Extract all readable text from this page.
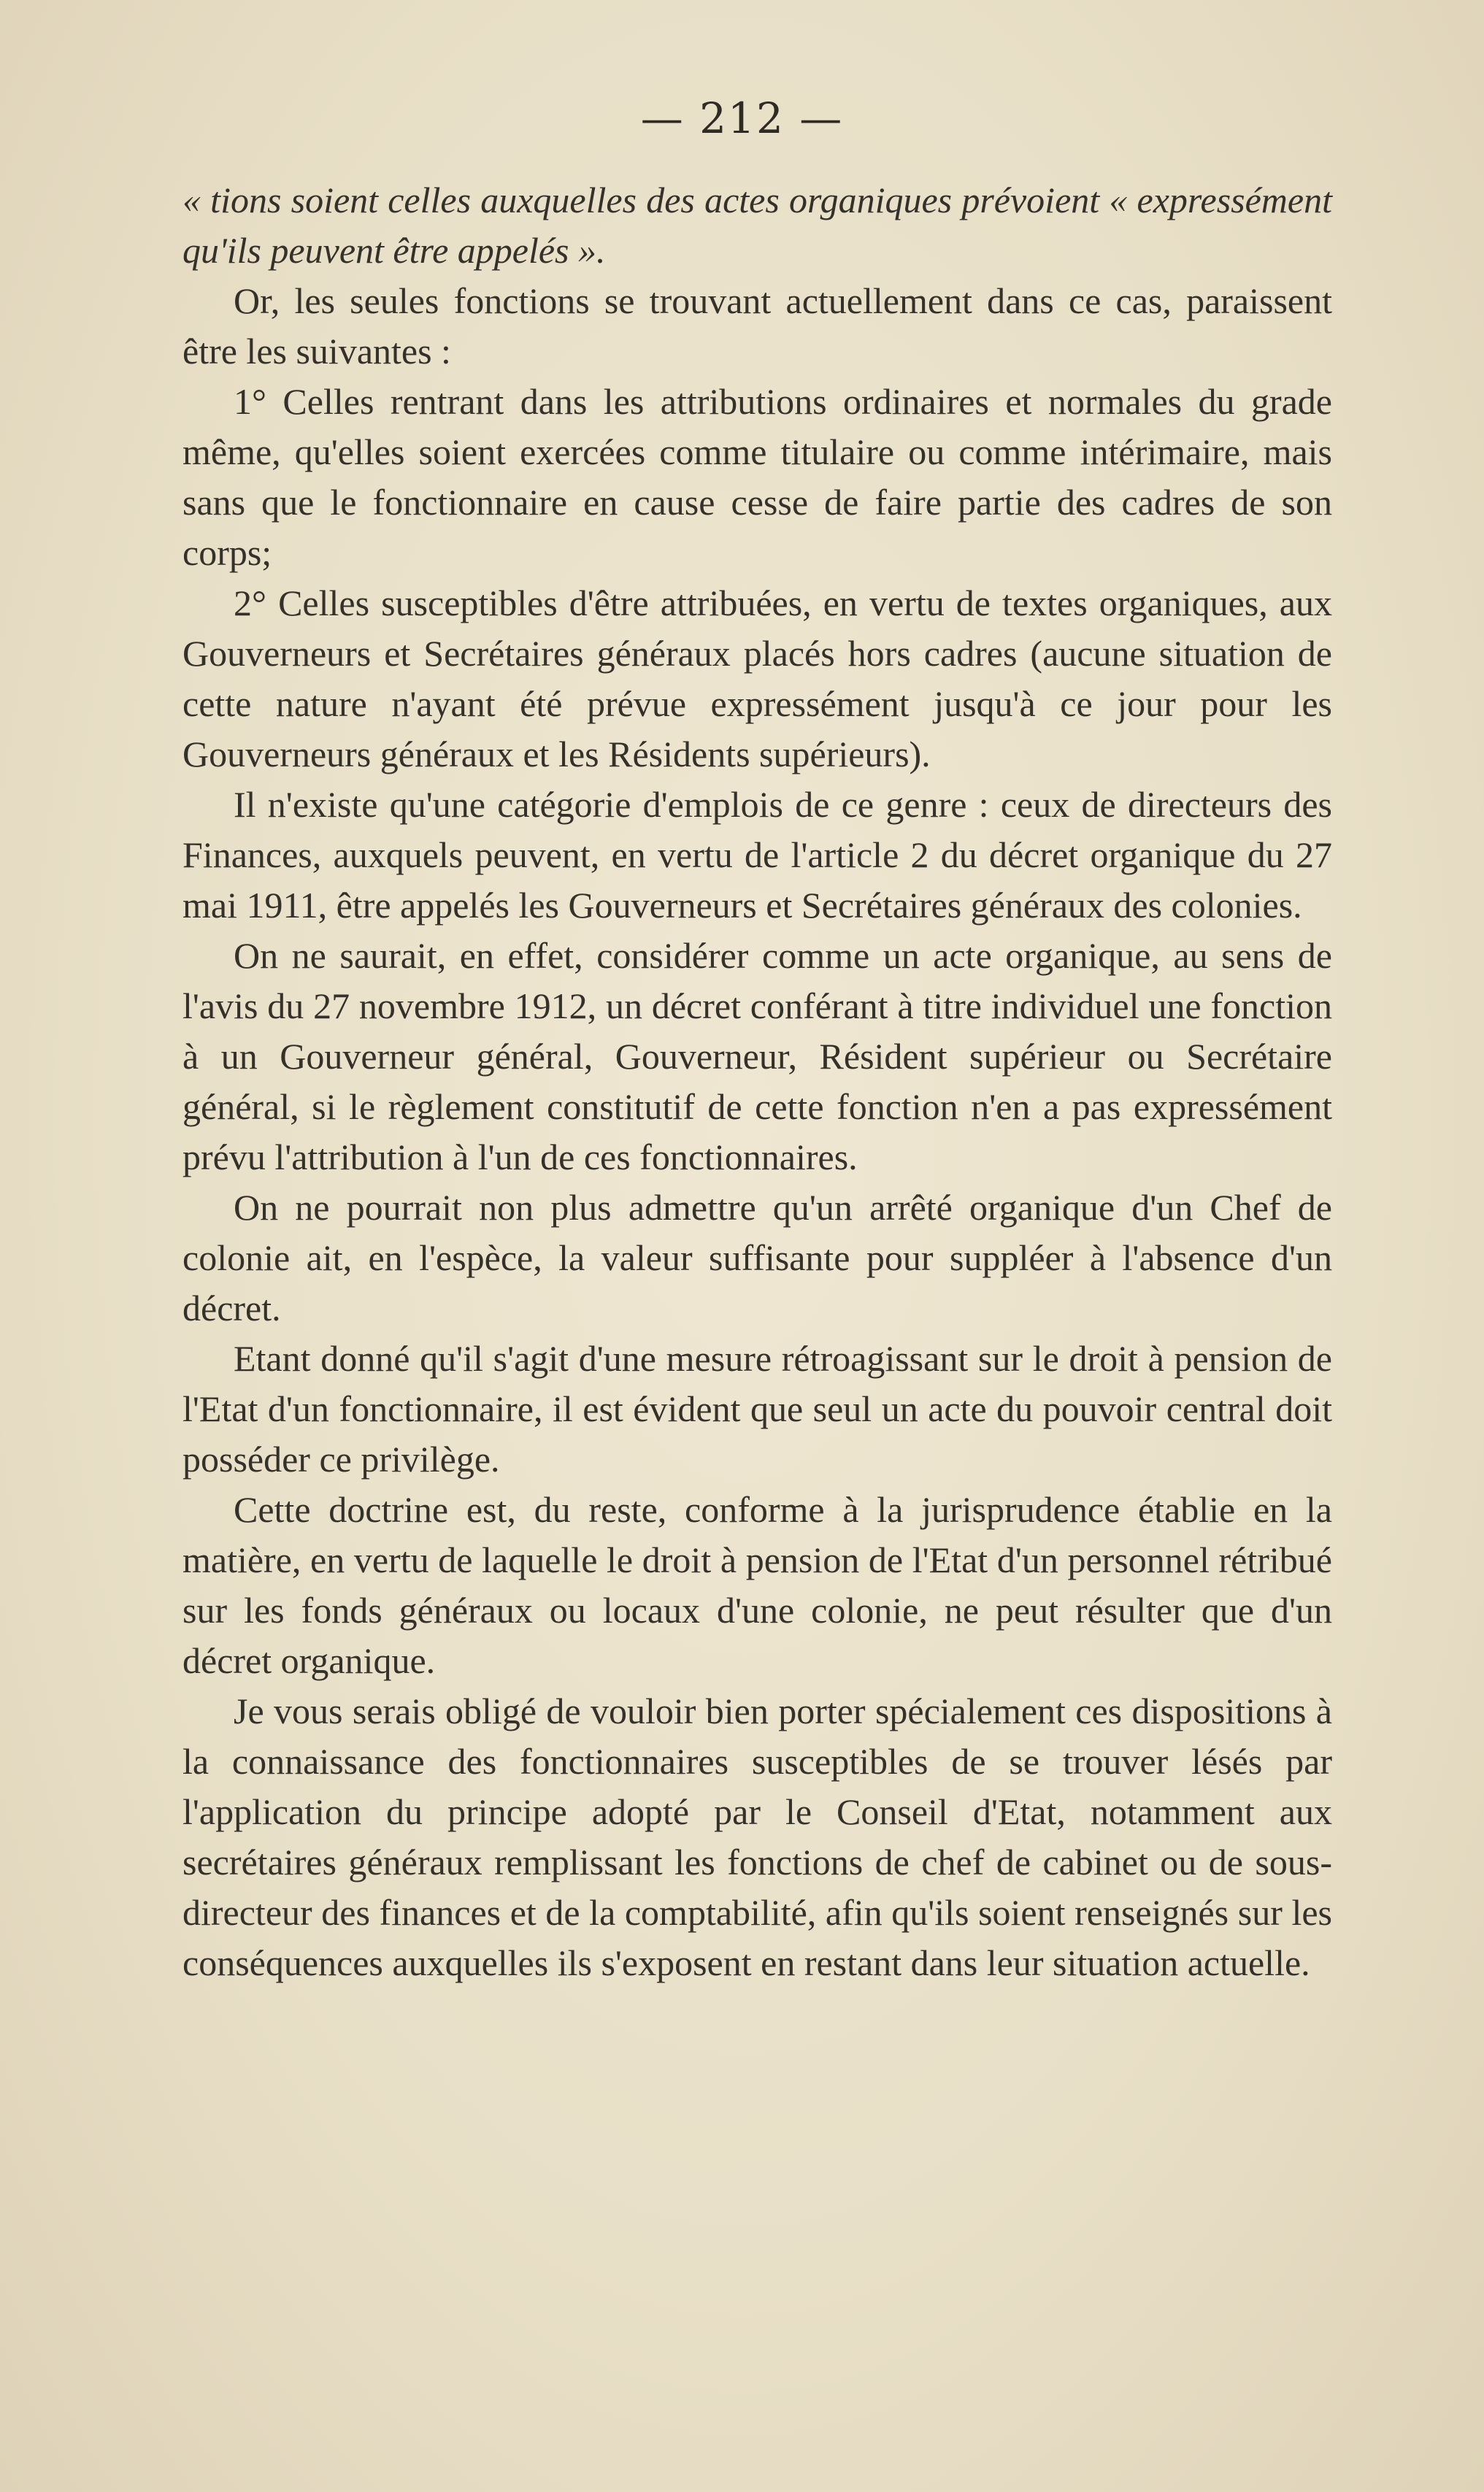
— 212 —

« tions soient celles auxquelles des actes organiques prévoient « expressément qu'ils peuvent être appelés ».

Or, les seules fonctions se trouvant actuellement dans ce cas, paraissent être les suivantes :

1° Celles rentrant dans les attributions ordinaires et normales du grade même, qu'elles soient exercées comme titulaire ou comme intérimaire, mais sans que le fonctionnaire en cause cesse de faire partie des cadres de son corps;

2° Celles susceptibles d'être attribuées, en vertu de textes organiques, aux Gouverneurs et Secrétaires généraux placés hors cadres (aucune situation de cette nature n'ayant été prévue expressément jusqu'à ce jour pour les Gouverneurs généraux et les Résidents supérieurs).

Il n'existe qu'une catégorie d'emplois de ce genre : ceux de directeurs des Finances, auxquels peuvent, en vertu de l'article 2 du décret organique du 27 mai 1911, être appelés les Gouverneurs et Secrétaires généraux des colonies.

On ne saurait, en effet, considérer comme un acte organique, au sens de l'avis du 27 novembre 1912, un décret conférant à titre individuel une fonction à un Gouverneur général, Gouverneur, Résident supérieur ou Secrétaire général, si le règlement constitutif de cette fonction n'en a pas expressément prévu l'attribution à l'un de ces fonctionnaires.

On ne pourrait non plus admettre qu'un arrêté organique d'un Chef de colonie ait, en l'espèce, la valeur suffisante pour suppléer à l'absence d'un décret.

Etant donné qu'il s'agit d'une mesure rétroagissant sur le droit à pension de l'Etat d'un fonctionnaire, il est évident que seul un acte du pouvoir central doit posséder ce privilège.

Cette doctrine est, du reste, conforme à la jurisprudence établie en la matière, en vertu de laquelle le droit à pension de l'Etat d'un personnel rétribué sur les fonds généraux ou locaux d'une colonie, ne peut résulter que d'un décret organique.

Je vous serais obligé de vouloir bien porter spécialement ces dispositions à la connaissance des fonctionnaires susceptibles de se trouver lésés par l'application du principe adopté par le Conseil d'Etat, notamment aux secrétaires généraux remplissant les fonctions de chef de cabinet ou de sous-directeur des finances et de la comptabilité, afin qu'ils soient renseignés sur les conséquences auxquelles ils s'exposent en restant dans leur situation actuelle.
